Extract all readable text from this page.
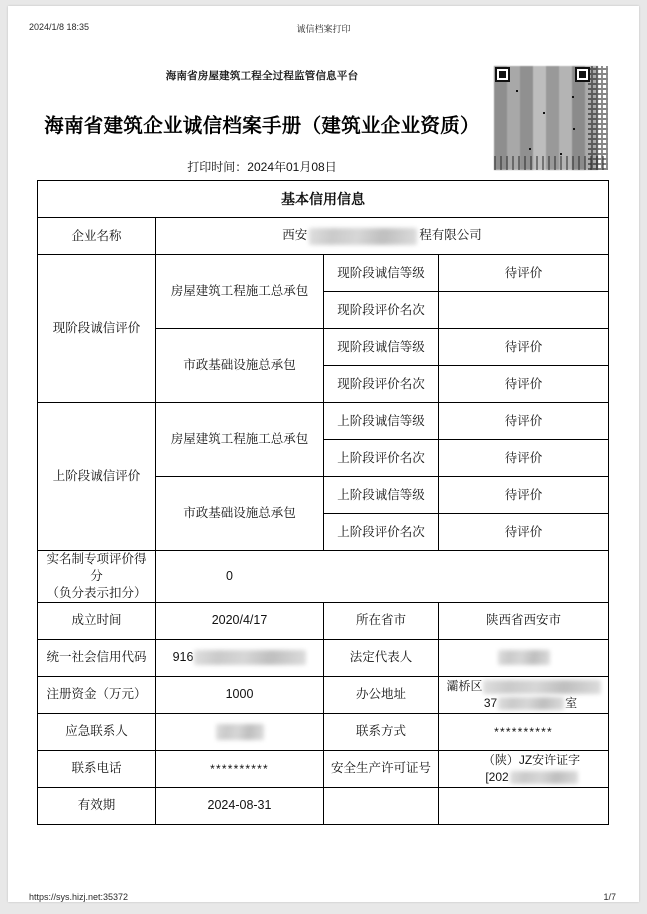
2024/1/8 18:35	诚信档案打印
https://sys.hizj.net:35372	1/7
海南省房屋建筑工程全过程监管信息平台
海南省建筑企业诚信档案手册（建筑业企业资质）
打印时间：2024年01月08日
基本信用信息			
企业名称	西安 程有限公司		
现阶段诚信评价	房屋建筑工程施工总承包	现阶段诚信等级	待评价
		现阶段评价名次	
	市政基础设施总承包	现阶段诚信等级	待评价
		现阶段评价名次	待评价
上阶段诚信评价	房屋建筑工程施工总承包	上阶段诚信等级	待评价
		上阶段评价名次	待评价
	市政基础设施总承包	上阶段诚信等级	待评价
		上阶段评价名次	待评价

实名制专项评价得分
（负分表示扣分）	0		
成立时间	2020/4/17	所在省市	陕西省西安市
统一社会信用代码	916	法定代表人	
注册资金（万元）	1000	办公地址	灞桥区
37 室
应急联系人		联系方式	**********
联系电话	**********	安全生产许可证号	（陕）JZ安许证字
[202
有效期	2024-08-31		
